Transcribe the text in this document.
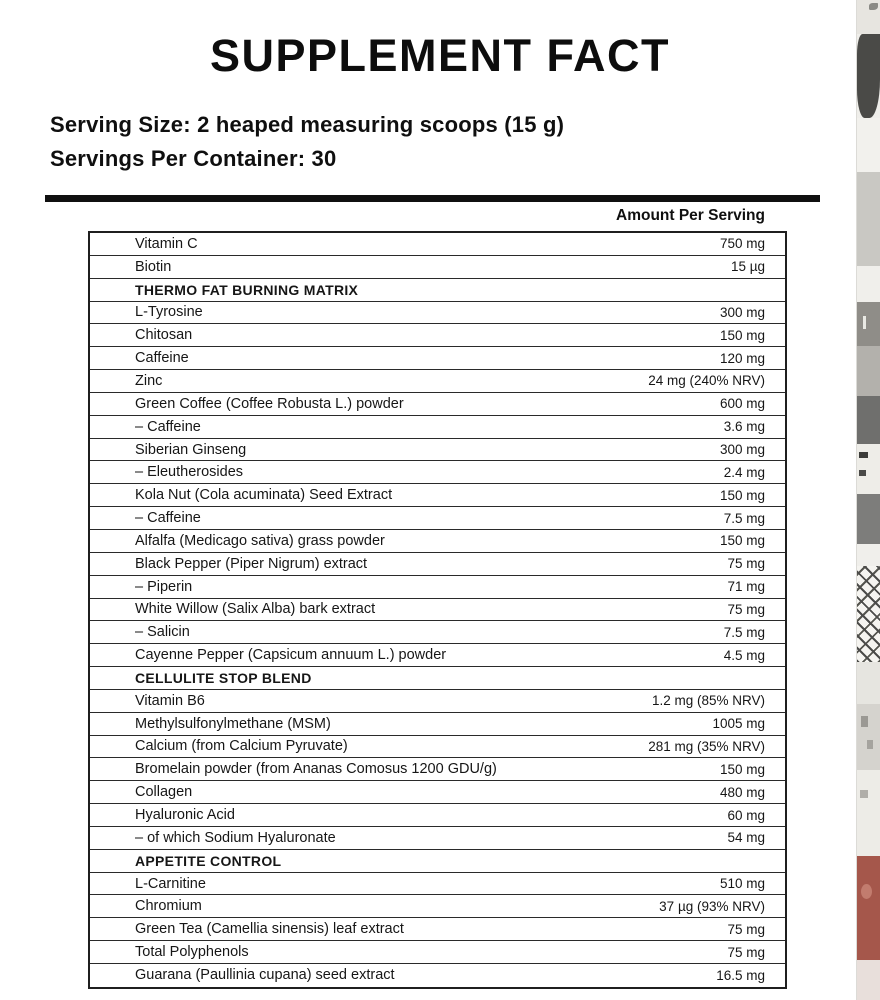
SUPPLEMENT FACT
Serving Size: 2 heaped measuring scoops (15 g)
Servings Per Container: 30
Amount Per Serving
Vitamin C	750 mg
Biotin	15 µg
THERMO FAT BURNING MATRIX
L-Tyrosine	300 mg
Chitosan	150 mg
Caffeine	120 mg
Zinc	24 mg (240% NRV)
Green Coffee (Coffee Robusta L.) powder	600 mg
– Caffeine	3.6 mg
Siberian Ginseng	300 mg
– Eleutherosides	2.4 mg
Kola Nut (Cola acuminata) Seed Extract	150 mg
– Caffeine	7.5 mg
Alfalfa (Medicago sativa) grass powder	150 mg
Black Pepper (Piper Nigrum) extract	75 mg
– Piperin	71 mg
White Willow (Salix Alba) bark extract	75 mg
– Salicin	7.5 mg
Cayenne Pepper (Capsicum annuum L.) powder	4.5 mg
CELLULITE STOP BLEND
Vitamin B6	1.2 mg (85% NRV)
Methylsulfonylmethane (MSM)	1005 mg
Calcium (from Calcium Pyruvate)	281 mg (35% NRV)
Bromelain powder (from Ananas Comosus 1200 GDU/g)	150 mg
Collagen	480 mg
Hyaluronic Acid	60 mg
– of which Sodium Hyaluronate	54 mg
APPETITE CONTROL
L-Carnitine	510 mg
Chromium	37 µg (93% NRV)
Green Tea (Camellia sinensis) leaf extract	75 mg
Total Polyphenols	75 mg
Guarana (Paullinia cupana) seed extract	16.5 mg
